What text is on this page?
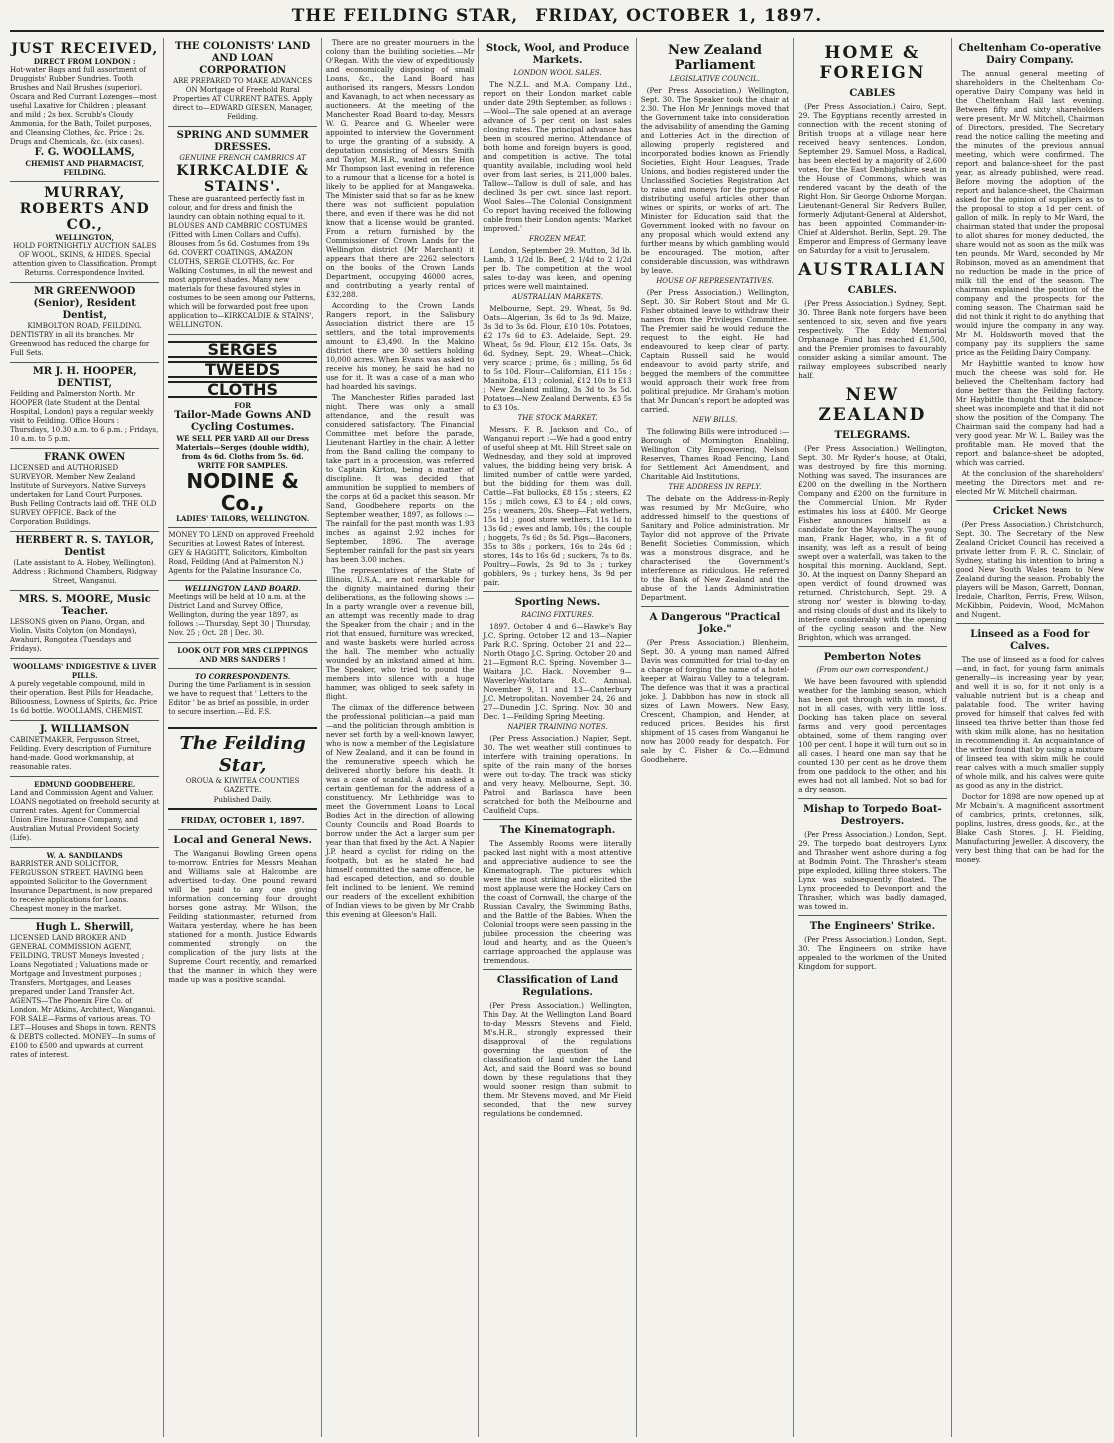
THE FEILDING STAR, FRIDAY, OCTOBER 1, 1897.
JUST RECEIVED,
DIRECT FROM LONDON :
Hot-water Bags and full assortment of Druggists' Rubber Sundries. Tooth Brushes and Nail Brushes (superior). Oscara and Red Currant Lozenges—most useful Laxative for Children ; pleasant and mild ; 2s box. Scrubb's Cloudy Ammonia, for the Bath, Toilet purposes, and Cleansing Clothes, &c. Price : 2s. Drugs and Chemicals, &c. (six cases).
F. G. WOOLLAMS,
CHEMIST AND PHARMACIST, FEILDING.
MURRAY, ROBERTS AND CO.,
WELLINGTON,
HOLD FORTNIGHTLY AUCTION SALES OF WOOL, SKINS, & HIDES. Special attention given to Classification. Prompt Returns. Correspondence Invited.
MR GREENWOOD (Senior), Resident Dentist,
KIMBOLTON ROAD, FEILDING.
DENTISTRY in all its branches. Mr Greenwood has reduced the charge for Full Sets.
MR J. H. HOOPER, DENTIST,
Feilding and Palmerston North. Mr HOOPER (late Student at the Dental Hospital, London) pays a regular weekly visit to Feilding. Office Hours : Thursdays, 10.30 a.m. to 6 p.m. ; Fridays, 10 a.m. to 5 p.m.
FRANK OWEN
LICENSED and AUTHORISED SURVEYOR. Member New Zealand Institute of Surveyors. Native Surveys undertaken for Land Court Purposes. Bush Felling Contracts laid off. THE OLD SURVEY OFFICE. Back of the Corporation Buildings.
HERBERT R. S. TAYLOR, Dentist
(Late assistant to A. Hobey, Wellington). Address : Richmond Chambers, Ridgway Street, Wanganui.
MRS. S. MOORE, Music Teacher.
LESSONS given on Piano, Organ, and Violin. Visits Colyton (on Mondays), Awahuri, Rongotea (Tuesdays and Fridays).
WOOLLAMS' INDIGESTIVE & LIVER PILLS.
A purely vegetable compound, mild in their operation. Best Pills for Headache, Biliousness, Lowness of Spirits, &c. Price 1s 6d bottle. WOOLLAMS, CHEMIST.
J. WILLIAMSON
CABINETMAKER, Fergusson Street, Feilding. Every description of Furniture hand-made. Good workmanship, at reasonable rates.
EDMUND GOODBEHERE.
Land and Commission Agent and Valuer. LOANS negotiated on freehold security at current rates. Agent for Commercial Union Fire Insurance Company, and Australian Mutual Provident Society (Life).
W. A. SANDILANDS
BARRISTER AND SOLICITOR, FERGUSSON STREET. HAVING been appointed Solicitor to the Government Insurance Department, is now prepared to receive applications for Loans. Cheapest money in the market.
Hugh L. Sherwill,
LICENSED LAND BROKER AND GENERAL COMMISSION AGENT, FEILDING. TRUST Moneys Invested ; Loans Negotiated ; Valuations made or Mortgage and Investment purposes ; Transfers, Mortgages, and Leases prepared under Land Transfer Act. AGENTS—The Phoenix Fire Co. of London. Mr Atkins, Architect, Wanganui. FOR SALE—Farms of various areas. TO LET—Houses and Shops in town. RENTS & DEBTS collected. MONEY—In sums of £100 to £500 and upwards at current rates of interest.
THE COLONISTS' LAND AND LOAN CORPORATION
ARE PREPARED TO MAKE ADVANCES ON Mortgage of Freehold Rural Properties AT CURRENT RATES. Apply direct to—EDWARD GIESEN, Manager, Feilding.
SPRING AND SUMMER DRESSES.
GENUINE FRENCH CAMBRICS AT
KIRKCALDIE & STAINS'.
These are guaranteed perfectly fast in colour, and for dress and finish the laundry can obtain nothing equal to it. BLOUSES AND CAMBRIC COSTUMES (Fitted with Linen Collars and Cuffs). Blouses from 5s 6d. Costumes from 19s 6d. COVERT COATINGS, AMAZON CLOTHS, SERGE CLOTHS, &c. For Walking Costumes, in all the newest and most approved shades. Many new materials for these favoured styles in costumes to be seen among our Patterns, which will be forwarded post free upon application to—KIRKCALDIE & STAINS', WELLINGTON.
SERGES
TWEEDS
CLOTHS
FOR
Tailor-Made Gowns AND Cycling Costumes.
WE SELL PER YARD All our Dress Materials—Serges (double width), from 4s 6d. Cloths from 5s. 6d.
WRITE FOR SAMPLES.
NODINE & Co.,
LADIES' TAILORS, WELLINGTON.
MONEY TO LEND on approved Freehold Securities at Lowest Rates of Interest. GEY & HAGGITT, Solicitors, Kimbolton Road, Feilding (And at Palmerston N.) Agents for the Palatine Insurance Co.
WELLINGTON LAND BOARD.
Meetings will be held at 10 a.m. at the District Land and Survey Office, Wellington, during the year 1897, as follows :—Thursday, Sept 30 | Thursday, Nov. 25 ; Oct. 28 | Dec. 30.
LOOK OUT FOR MRS CLIPPINGS AND MRS SANDERS !
TO CORRESPONDENTS.
During the time Parliament is in session we have to request that ' Letters to the Editor ' be as brief as possible, in order to secure insertion.—Ed. F.S.
The Feilding Star,
OROUA & KIWITEA COUNTIES GAZETTE.
Published Daily.
FRIDAY, OCTOBER 1, 1897.
Local and General News.

The Wanganui Bowling Green opens to-morrow. Entries for Messrs Meahan and Williams sale at Halcombe are advertised to-day. One pound reward will be paid to any one giving information concerning four drought horses gone astray. Mr Wilson, the Feilding stationmaster, returned from Waitara yesterday, where he has been stationed for a month. Justice Edwards commented strongly on the complication of the jury lists at the Supreme Court recently, and remarked that the manner in which they were made up was a positive scandal.

There are no greater mourners in the colony than the building societies.—Mr O'Regan. With the view of expeditiously and economically disposing of small Loans, &c., the Land Board has authorised its rangers, Messrs London and Kavanagh, to act when necessary as auctioneers. At the meeting of the Manchester Road Board to-day, Messrs W. G. Pearce and G. Wheeler were appointed to interview the Government to urge the granting of a subsidy. A deputation consisting of Messrs Smith and Taylor, M.H.R., waited on the Hon Mr Thompson last evening in reference to a rumour that a license for a hotel is likely to be applied for at Mangaweka. The Minister said that so far as he knew there was not sufficient population there, and even if there was he did not know that a license would be granted. From a return furnished by the Commissioner of Crown Lands for the Wellington district (Mr Marchant) it appears that there are 2262 selectors on the books of the Crown Lands Department, occupying 46000 acres, and contributing a yearly rental of £32,288.

According to the Crown Lands Rangers report, in the Salisbury Association district there are 15 settlers, and the total improvements amount to £3,490. In the Makino district there are 30 settlers holding 10,000 acres. When Evans was asked to receive his money, he said he had no use for it. It was a case of a man who had hoarded his savings.

The Manchester Rifles paraded last night. There was only a small attendance, and the result was considered satisfactory. The Financial Committee met before the parade, Lieutenant Hartley in the chair. A letter from the Band calling the company to take part in a procession, was referred to Captain Kirton, being a matter of discipline. It was decided that ammunition be supplied to members of the corps at 6d a packet this season. Mr Sand, Goodbehere reports on the September weather, 1897, as follows :—The rainfall for the past month was 1.93 inches as against 2.92 inches for September, 1896. The average September rainfall for the past six years has been 3.00 inches.

The representatives of the State of Illinois, U.S.A., are not remarkable for the dignity maintained during their deliberations, as the following shows :—In a party wrangle over a revenue bill, an attempt was recently made to drag the Speaker from the chair ; and in the riot that ensued, furniture was wrecked, and waste baskets were hurled across the hall. The member who actually wounded by an inkstand aimed at him. The Speaker, who tried to pound the members into silence with a huge hammer, was obliged to seek safety in flight.

The climax of the difference between the professional politician—a paid man—and the politician through ambition is never set forth by a well-known lawyer, who is now a member of the Legislature of New Zealand, and it can be found in the remunerative speech which he delivered shortly before his death. It was a case of scandal. A man asked a certain gentleman for the address of a constituency. Mr Lethbridge was to meet the Government Loans to Local Bodies Act in the direction of allowing County Councils and Road Boards to borrow under the Act a larger sum per year than that fixed by the Act. A Napier J.P. heard a cyclist for riding on the footpath, but as he stated he had himself committed the same offence, he had escaped detection, and so double felt inclined to be lenient. We remind our readers of the excellent exhibition of Indian views to be given by Mr Crabb this evening at Gleeson's Hall.

Stock, Wool, and Produce Markets.
LONDON WOOL SALES.

The N.Z.L. and M.A. Company Ltd., report on their London market cable under date 29th September, as follows :—Wool—The sale opened at an average advance of 5 per cent on last sales closing rates. The principal advance has been in scoured merino. Attendance of both home and foreign buyers is good, and competition is active. The total quantity available, including wool held over from last series, is 211,000 bales. Tallow—Tallow is dull of sale, and has declined 3s per cwt. since last report. Wool Sales—The Colonial Consignment Co report having received the following cable from their London agents: 'Market improved.'

FROZEN MEAT.

London, September 29. Mutton, 3d lb. Lamb, 3 1/2d lb. Beef, 2 1/4d to 2 1/2d per lb. The competition at the wool sales to-day was keen, and opening prices were well maintained.

AUSTRALIAN MARKETS.

Melbourne, Sept. 29. Wheat, 5s 9d. Oats—Algerian, 3s 6d to 3s 9d. Maize, 3s 3d to 3s 6d. Flour, £10 10s. Potatoes, £2 17s 6d to £3. Adelaide, Sept. 29. Wheat, 5s 9d. Flour, £12 15s. Oats, 3s 6d. Sydney, Sept. 29. Wheat—Chick, very scarce ; prime, 6s ; milling, 5s 6d to 5s 10d. Flour—Californian, £11 15s ; Manitoba, £13 ; colonial, £12 10s to £13 ; New Zealand milling, 3s 3d to 3s 5d. Potatoes—New Zealand Derwents, £3 5s to £3 10s.

THE STOCK MARKET.

Messrs. F. R. Jackson and Co., of Wanganui report :—We had a good entry of useful sheep at Mt. Hill Street sale on Wednesday, and they sold at improved values, the bidding being very brisk. A limited number of cattle were yarded, but the bidding for them was dull. Cattle—Fat bullocks, £8 15s ; steers, £2 15s ; milch cows, £3 to £4 ; old cows, 25s ; weaners, 20s. Sheep—Fat wethers, 15s 1d ; good store wethers, 11s 1d to 13s 6d ; ewes and lamb, 10s ; the couple ; hoggets, 7s 6d ; 8s 5d. Pigs—Baconers, 35s to 38s ; porkers, 16s to 24s 6d ; stores, 14s to 16s 6d ; suckers, 7s to 8s. Poultry—Fowls, 2s 9d to 3s ; turkey gobblers, 9s ; turkey hens, 3s 9d per pair.

Sporting News.
RACING FIXTURES.

1897. October 4 and 6—Hawke's Bay J.C. Spring. October 12 and 13—Napier Park R.C. Spring. October 21 and 22—North Otago J.C. Spring. October 20 and 21—Egmont R.C. Spring. November 3—Waitara J.C. Hack. November 9—Waverley-Waitotara R.C. Annual. November 9, 11 and 13—Canterbury J.C. Metropolitan. November 24, 26 and 27—Dunedin J.C. Spring. Nov. 30 and Dec. 1—Feilding Spring Meeting.

NAPIER TRAINING NOTES.

(Per Press Association.) Napier, Sept. 30. The wet weather still continues to interfere with training operations. In spite of the rain many of the horses were out to-day. The track was sticky and very heavy. Melbourne, Sept. 30. Patrol and Barlasca have been scratched for both the Melbourne and Caulfield Cups.

The Kinematograph.

The Assembly Rooms were literally packed last night with a most attentive and appreciative audience to see the Kinematograph. The pictures which were the most striking and elicited the most applause were the Hockey Cars on the coast of Cornwall, the charge of the Russian Cavalry, the Swimming Baths, and the Battle of the Babies. When the Colonial troops were seen passing in the jubilee procession the cheering was loud and hearty, and as the Queen's carriage approached the applause was tremendous.

Classification of Land Regulations.

(Per Press Association.) Wellington, This Day. At the Wellington Land Board to-day Messrs Stevens and Field, M's.H.R., strongly expressed their disapproval of the regulations governing the question of the classification of land under the Land Act, and said the Board was so bound down by these regulations that they would sooner resign than submit to them. Mr Stevens moved, and Mr Field seconded, that the new survey regulations be condemned.

New Zealand Parliament
LEGISLATIVE COUNCIL.

(Per Press Association.) Wellington, Sept. 30. The Speaker took the chair at 2.30. The Hon Mr Jennings moved that the Government take into consideration the advisability of amending the Gaming and Lotteries Act in the direction of allowing properly registered and incorporated bodies known as Friendly Societies, Eight Hour Leagues, Trade Unions, and bodies registered under the Unclassified Societies Registration Act to raise and moneys for the purpose of distributing useful articles other than wines or spirits, or works of art. The Minister for Education said that the Government looked with no favour on any proposal which would extend any further means by which gambling would be encouraged. The motion, after considerable discussion, was withdrawn by leave.

HOUSE OF REPRESENTATIVES.

(Per Press Association.) Wellington, Sept. 30. Sir Robert Stout and Mr G. Fisher obtained leave to withdraw their names from the Privileges Committee. The Premier said he would reduce the request to the eight. He had endeavoured to keep clear of party. Captain Russell said he would endeavour to avoid party strife, and begged the members of the committee would approach their work free from political prejudice. Mr Graham's motion that Mr Duncan's report be adopted was carried.

NEW BILLS.

The following Bills were introduced :—Borough of Mornington Enabling, Wellington City Empowering, Nelson Reserves, Thames Road Fencing, Land for Settlement Act Amendment, and Charitable Aid Institutions.

THE ADDRESS IN REPLY.

The debate on the Address-in-Reply was resumed by Mr McGuire, who addressed himself to the questions of Sanitary and Police administration. Mr Taylor did not approve of the Private Benefit Societies Commission, which was a monstrous disgrace, and he characterised the Government's interference as ridiculous. He referred to the Bank of New Zealand and the abuse of the Lands Administration Department.

A Dangerous "Practical Joke."

(Per Press Association.) Blenheim, Sept. 30. A young man named Alfred Davis was committed for trial to-day on a charge of forging the name of a hotel-keeper at Wairau Valley to a telegram. The defence was that it was a practical joke. J. Dabbbon has now in stock all sizes of Lawn Mowers. New Easy, Crescent, Champion, and Hender, at reduced prices. Besides his first shipment of 15 cases from Wanganui he now has 2000 ready for despatch. For sale by C. Fisher & Co.—Edmund Goodbehere.

HOME & FOREIGN
CABLES

(Per Press Association.) Cairo, Sept. 29. The Egyptians recently arrested in connection with the recent stoning of British troops at a village near here received heavy sentences. London, September 29. Samuel Moss, a Radical, has been elected by a majority of 2,600 votes, for the East Denbighshire seat in the House of Commons, which was rendered vacant by the death of the Right Hon. Sir George Osborne Morgan. Lieutenant-General Sir Redvers Buller, formerly Adjutant-General at Aldershot, has been appointed Commander-in-Chief at Aldershot. Berlin, Sept. 29. The Emperor and Empress of Germany leave on Saturday for a visit to Jerusalem.

AUSTRALIAN
CABLES.

(Per Press Association.) Sydney, Sept. 30. Three Bank note forgers have been sentenced to six, seven and five years respectively. The Eddy Memorial Orphanage Fund has reached £1,500, and the Premier promises to favourably consider asking a similar amount. The railway employees subscribed nearly half.

NEW ZEALAND
TELEGRAMS.

(Per Press Association.) Wellington, Sept. 30. Mr Ryder's house, at Otaki, was destroyed by fire this morning. Nothing was saved. The insurances are £200 on the dwelling in the Northern Company and £200 on the furniture in the Commercial Union. Mr Ryder estimates his loss at £400. Mr George Fisher announces himself as a candidate for the Mayoralty. The young man, Frank Hager, who, in a fit of insanity, was left as a result of being swept over a waterfall, was taken to the hospital this morning. Auckland, Sept. 30. At the inquest on Danny Shepard an open verdict of found drowned was returned. Christchurch, Sept. 29. A strong nor' wester is blowing to-day, and rising clouds of dust and its likely to interfere considerably with the opening of the cycling season and the New Brighton, which was arranged.

Pemberton Notes
(From our own correspondent.)

We have been favoured with splendid weather for the lambing season, which has been got through with in most, if not in all cases, with very little loss. Docking has taken place on several farms and very good percentages obtained, some of them ranging over 100 per cent. I hope it will turn out so in all cases. I heard one man say that he counted 130 per cent as he drove them from one paddock to the other, and his ewes had not all lambed. Not so bad for a dry season.

Mishap to Torpedo Boat-Destroyers.

(Per Press Association.) London, Sept. 29. The torpedo boat destroyers Lynx and Thrasher went ashore during a fog at Bodmin Point. The Thrasher's steam pipe exploded, killing three stokers. The Lynx was subsequently floated. The Lynx proceeded to Devonport and the Thrasher, which was badly damaged, was towed in.

The Engineers' Strike.

(Per Press Association.) London, Sept. 30. The Engineers on strike have appealed to the workmen of the United Kingdom for support.

Cheltenham Co-operative Dairy Company.

The annual general meeting of shareholders in the Cheltenham Co-operative Dairy Company was held in the Cheltenham Hall last evening. Between fifty and sixty shareholders were present. Mr W. Mitchell, Chairman of Directors, presided. The Secretary read the notice calling the meeting and the minutes of the previous annual meeting, which were confirmed. The report and balance-sheet for the past year, as already published, were read. Before moving the adoption of the report and balance-sheet, the Chairman asked for the opinion of suppliers as to the proposal to stop a 1d per cent. of gallon of milk. In reply to Mr Ward, the chairman stated that under the proposal to allot shares for money deducted, the share would not as soon as the milk was ten pounds. Mr Ward, seconded by Mr Robinson, moved as an amendment that no reduction be made in the price of milk till the end of the season. The chairman explained the position of the company and the prospects for the coming season. The Chairman said he did not think it right to do anything that would injure the company in any way. Mr M. Holdsworth moved that the company pay its suppliers the same price as the Feilding Dairy Company.

Mr Haybittle wanted to know how much the cheese was sold for. He believed the Cheltenham factory had done better than the Feilding factory. Mr Haybittle thought that the balance-sheet was incomplete and that it did not show the position of the Company. The Chairman said the company had had a very good year. Mr W. L. Bailey was the profitable man. He moved that the report and balance-sheet be adopted, which was carried.

At the conclusion of the shareholders' meeting the Directors met and re-elected Mr W. Mitchell chairman.

Cricket News

(Per Press Association.) Christchurch, Sept. 30. The Secretary of the New Zealand Cricket Council has received a private letter from F. R. C. Sinclair, of Sydney, stating his intention to bring a good New South Wales team to New Zealand during the season. Probably the players will be Mason, Garrett, Donnan, Iredale, Charlton, Ferris, Frew, Wilson, McKibbin, Poidevin, Wood, McMahon and Nugent.

Linseed as a Food for Calves.

The use of linseed as a food for calves—and, in fact, for young farm animals generally—is increasing year by year, and well it is so, for it not only is a valuable nutrient but is a cheap and palatable food. The writer having proved for himself that calves fed with linseed tea thrive better than those fed with skim milk alone, has no hesitation in recommending it. An acquaintance of the writer found that by using a mixture of linseed tea with skim milk he could rear calves with a much smaller supply of whole milk, and his calves were quite as good as any in the district.

Doctor for 1898 are now opened up at Mr Mcbain's. A magnificent assortment of cambrics, prints, cretonnes, silk, poplins, lustres, dress goods, &c., at the Blake Cash Stores. J. H. Fielding, Manufacturing Jeweller. A discovery, the very best thing that can be had for the money.
